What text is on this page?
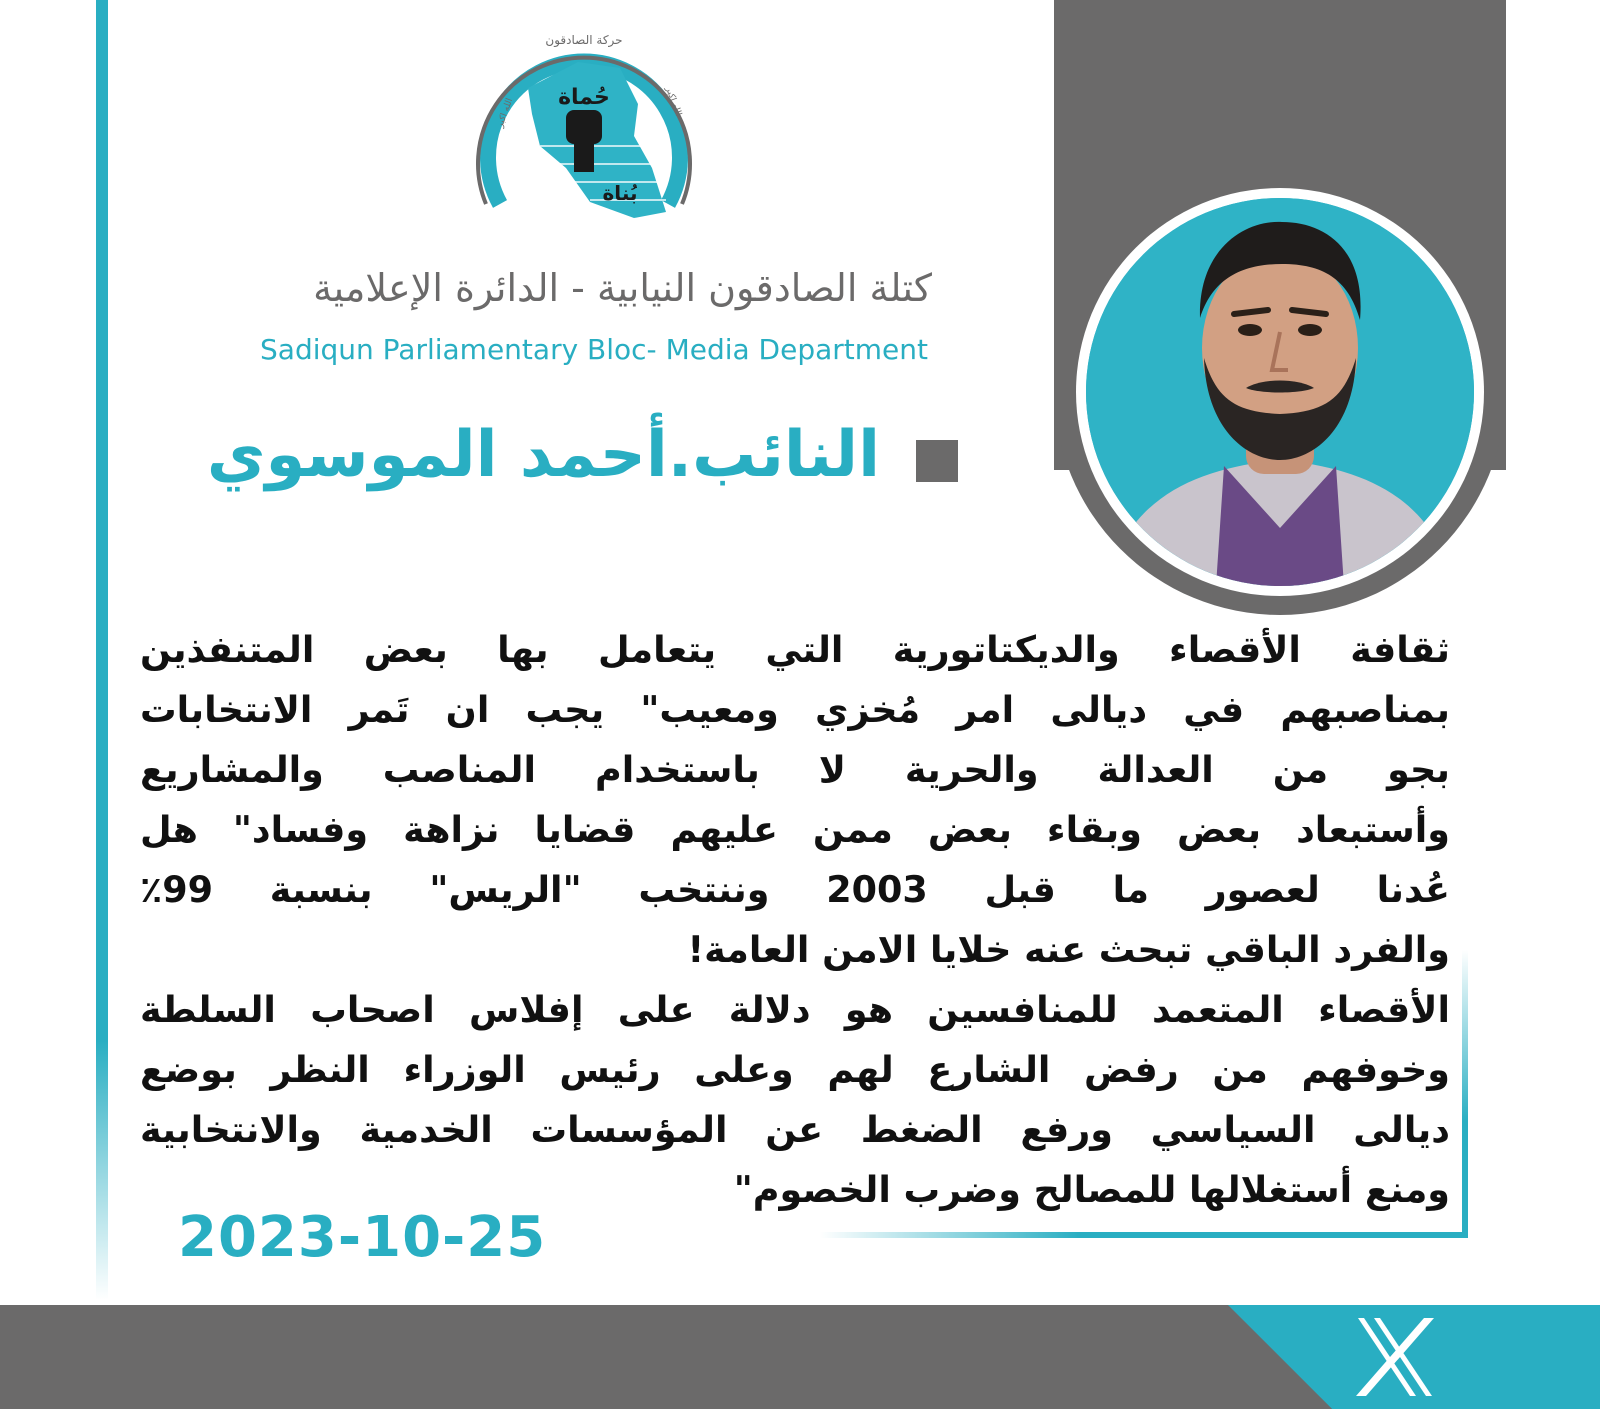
حركة الصادقون
حُماة
بُناة
الله اكبر	الله اكبر
كتلة الصادقون النيابية - الدائرة الإعلامية
Sadiqun Parliamentary Bloc- Media Department
النائب.أحمد الموسوي

ثقافة الأقصاء والديكتاتورية التي يتعامل بها بعض المتنفذين
بمناصبهم في ديالى امر مُخزي ومعيب" يجب ان تَمر الانتخابات
بجو من العدالة والحرية لا باستخدام المناصب والمشاريع
وأستبعاد بعض وبقاء بعض ممن عليهم قضايا نزاهة وفساد" هل
عُدنا لعصور ما قبل 2003 وننتخب "الريس" بنسبة 99٪
والفرد الباقي تبحث عنه خلايا الامن العامة!

الأقصاء المتعمد للمنافسين هو دلالة على إفلاس اصحاب السلطة
وخوفهم من رفض الشارع لهم وعلى رئيس الوزراء النظر بوضع
ديالى السياسي ورفع الضغط عن المؤسسات الخدمية والانتخابية
ومنع أستغلالها للمصالح وضرب الخصوم"

2023-10-25
